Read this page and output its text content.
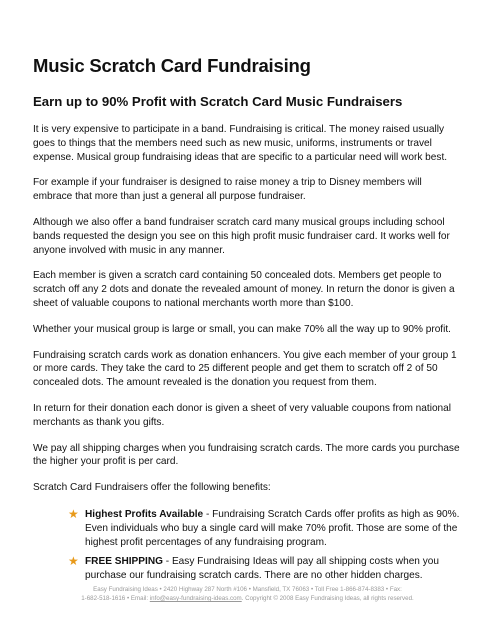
Music Scratch Card Fundraising
Earn up to 90% Profit with Scratch Card Music Fundraisers

It is very expensive to participate in a band. Fundraising is critical. The money raised usually goes to things that the members need such as new music, uniforms, instruments or travel expense. Musical group fundraising ideas that are specific to a particular need will work best.

For example if your fundraiser is designed to raise money a trip to Disney members will embrace that more than just a general all purpose fundraiser.

Although we also offer a band fundraiser scratch card many musical groups including school bands requested the design you see on this high profit music fundraiser card. It works well for anyone involved with music in any manner.

Each member is given a scratch card containing 50 concealed dots. Members get people to scratch off any 2 dots and donate the revealed amount of money. In return the donor is given a sheet of valuable coupons to national merchants worth more than $100.

Whether your musical group is large or small, you can make 70% all the way up to 90% profit.

Fundraising scratch cards work as donation enhancers. You give each member of your group 1 or more cards. They take the card to 25 different people and get them to scratch off 2 of 50 concealed dots. The amount revealed is the donation you request from them.

In return for their donation each donor is given a sheet of very valuable coupons from national merchants as thank you gifts.

We pay all shipping charges when you fundraising scratch cards. The more cards you purchase the higher your profit is per card.

Scratch Card Fundraisers offer the following benefits:

★ Highest Profits Available - Fundraising Scratch Cards offer profits as high as 90%. Even individuals who buy a single card will make 70% profit. Those are some of the highest profit percentages of any fundraising program.
★ FREE SHIPPING - Easy Fundraising Ideas will pay all shipping costs when you purchase our fundraising scratch cards. There are no other hidden charges.
Easy Fundraising Ideas • 2420 Highway 287 North #106 • Mansfield, TX 76063 • Toll Free 1-866-874-8383 • Fax:
1-682-518-1616 • Email: info@easy-fundraising-ideas.com. Copyright © 2008 Easy Fundraising Ideas, all rights reserved.
